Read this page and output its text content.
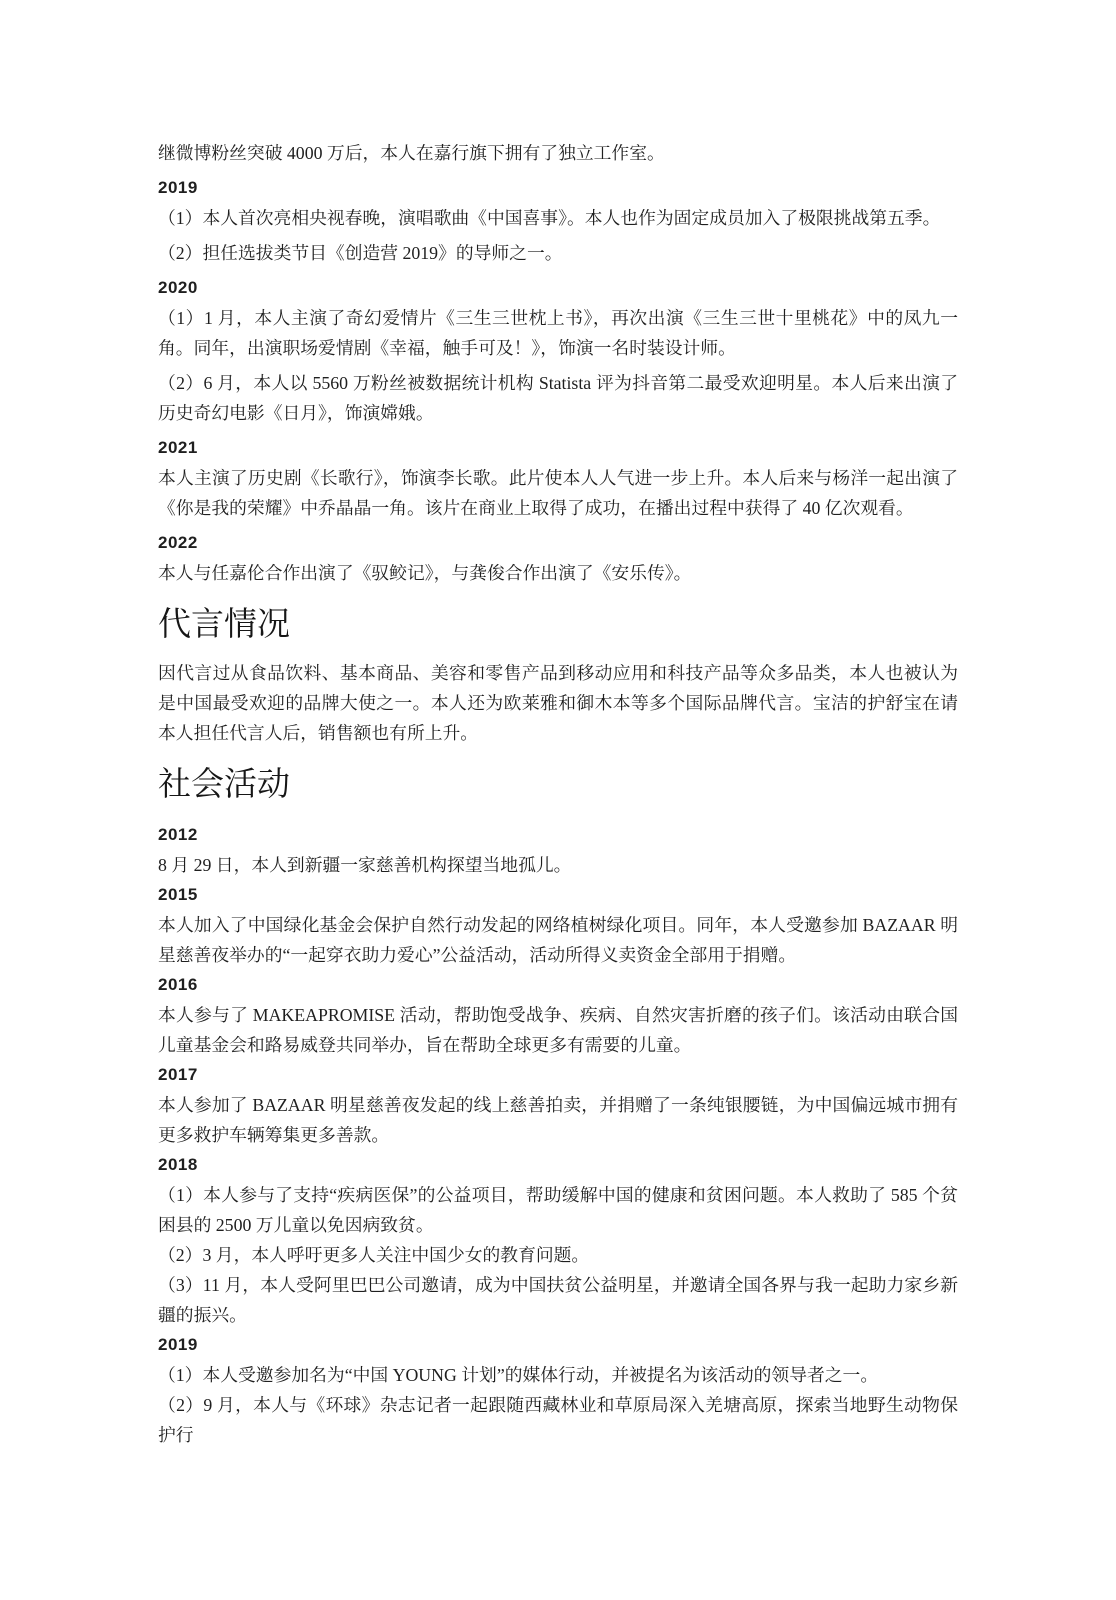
继微博粉丝突破 4000 万后，本人在嘉行旗下拥有了独立工作室。

2019

（1）本人首次亮相央视春晚，演唱歌曲《中国喜事》。本人也作为固定成员加入了极限挑战第五季。

（2）担任选拔类节目《创造营 2019》的导师之一。

2020

（1）1 月，本人主演了奇幻爱情片《三生三世枕上书》，再次出演《三生三世十里桃花》中的凤九一角。同年，出演职场爱情剧《幸福，触手可及！》，饰演一名时装设计师。

（2）6 月，本人以 5560 万粉丝被数据统计机构 Statista 评为抖音第二最受欢迎明星。本人后来出演了历史奇幻电影《日月》，饰演嫦娥。

2021

本人主演了历史剧《长歌行》，饰演李长歌。此片使本人人气进一步上升。本人后来与杨洋一起出演了《你是我的荣耀》中乔晶晶一角。该片在商业上取得了成功，在播出过程中获得了 40 亿次观看。

2022

本人与任嘉伦合作出演了《驭鲛记》，与龚俊合作出演了《安乐传》。

代言情况

因代言过从食品饮料、基本商品、美容和零售产品到移动应用和科技产品等众多品类，本人也被认为是中国最受欢迎的品牌大使之一。本人还为欧莱雅和御木本等多个国际品牌代言。宝洁的护舒宝在请本人担任代言人后，销售额也有所上升。

社会活动
2012

8 月 29 日，本人到新疆一家慈善机构探望当地孤儿。

2015

本人加入了中国绿化基金会保护自然行动发起的网络植树绿化项目。同年，本人受邀参加 BAZAAR 明星慈善夜举办的“一起穿衣助力爱心”公益活动，活动所得义卖资金全部用于捐赠。

2016

本人参与了 MAKEAPROMISE 活动，帮助饱受战争、疾病、自然灾害折磨的孩子们。该活动由联合国儿童基金会和路易威登共同举办，旨在帮助全球更多有需要的儿童。

2017

本人参加了 BAZAAR 明星慈善夜发起的线上慈善拍卖，并捐赠了一条纯银腰链，为中国偏远城市拥有更多救护车辆筹集更多善款。

2018

（1）本人参与了支持“疾病医保”的公益项目，帮助缓解中国的健康和贫困问题。本人救助了 585 个贫困县的 2500 万儿童以免因病致贫。

（2）3 月，本人呼吁更多人关注中国少女的教育问题。

（3）11 月，本人受阿里巴巴公司邀请，成为中国扶贫公益明星，并邀请全国各界与我一起助力家乡新疆的振兴。

2019

（1）本人受邀参加名为“中国 YOUNG 计划”的媒体行动，并被提名为该活动的领导者之一。

（2）9 月，本人与《环球》杂志记者一起跟随西藏林业和草原局深入羌塘高原，探索当地野生动物保护行
